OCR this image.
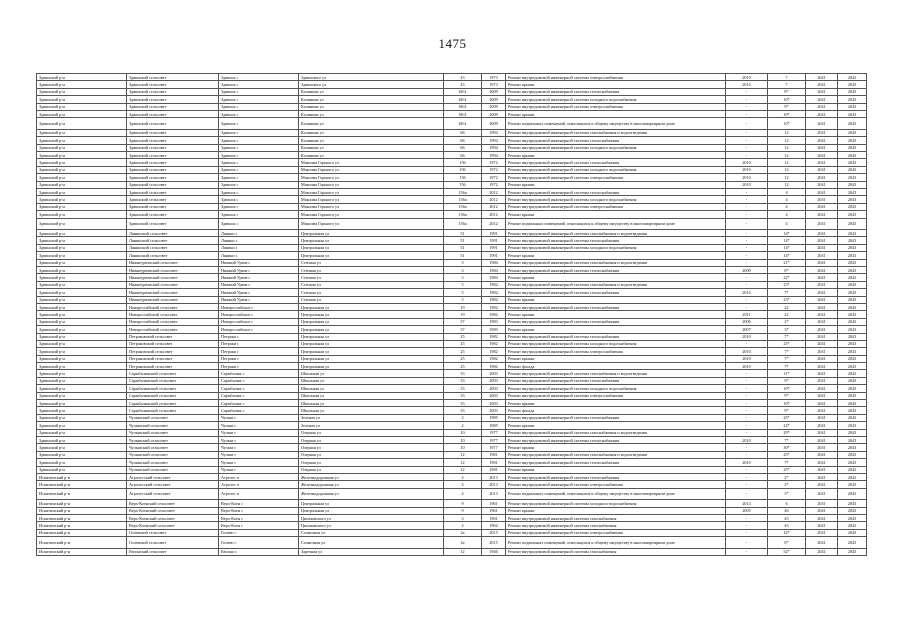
1475
Здвинский р-н	Здвинский сельсовет	Здвинск с	Здвинского ул	43	1973	Ремонт внутридомовой инженерной системы электроснабжения	2010	7	2041	2043
Здвинский р-н	Здвинский сельсовет	Здвинск с	Здвинского ул	43	1973	Ремонт крыши	2010	7	2041	2043
Здвинский р-н	Здвинский сельсовет	Здвинск с	Калинина ул	60/4	2009	Ремонт внутридомовой инженерной системы теплоснабжения	-	8*	2041	2043
Здвинский р-н	Здвинский сельсовет	Здвинск с	Калинина ул	60/4	2009	Ремонт внутридомовой инженерной системы холодного водоснабжения	-	10*	2041	2043
Здвинский р-н	Здвинский сельсовет	Здвинск с	Калинина ул	60/4	2009	Ремонт внутридомовой инженерной системы электроснабжения	-	9*	2041	2043
Здвинский р-н	Здвинский сельсовет	Здвинск с	Калинина ул	60/4	2009	Ремонт крыши	-	10*	2041	2043
Здвинский р-н	Здвинский сельсовет	Здвинск с	Калинина ул	60/4	2009	Ремонт подвальных помещений, относящихся к общему имуществу в многоквартирном доме	-	10*	2041	2043
Здвинский р-н	Здвинский сельсовет	Здвинск с	Калинина ул	66	1994	Ремонт внутридомовой инженерной системы газоснабжения и водоотведения	-	12	2041	2043
Здвинский р-н	Здвинский сельсовет	Здвинск с	Калинина ул	66	1994	Ремонт внутридомовой инженерной системы теплоснабжения	-	12	2041	2043
Здвинский р-н	Здвинский сельсовет	Здвинск с	Калинина ул	66	1994	Ремонт внутридомовой инженерной системы холодного водоснабжения	-	12	2041	2043
Здвинский р-н	Здвинский сельсовет	Здвинск с	Калинина ул	66	1994	Ремонт крыши	-	12	2041	2043
Здвинский р-н	Здвинский сельсовет	Здвинск с	Максима Горького ул	156	1972	Ремонт внутридомовой инженерной системы теплоснабжения	2010	12	2041	2043
Здвинский р-н	Здвинский сельсовет	Здвинск с	Максима Горького ул	156	1972	Ремонт внутридомовой инженерной системы холодного водоснабжения	2010	12	2041	2043
Здвинский р-н	Здвинский сельсовет	Здвинск с	Максима Горького ул	156	1972	Ремонт внутридомовой инженерной системы электроснабжения	2010	12	2041	2043
Здвинский р-н	Здвинский сельсовет	Здвинск с	Максима Горького ул	156	1972	Ремонт крыши	2010	12	2041	2043
Здвинский р-н	Здвинский сельсовет	Здвинск с	Максима Горького ул	156а	2012	Ремонт внутридомовой инженерной системы теплоснабжения	-	4	2041	2043
Здвинский р-н	Здвинский сельсовет	Здвинск с	Максима Горького ул	156а	2012	Ремонт внутридомовой инженерной системы холодного водоснабжения	-	4	2041	2043
Здвинский р-н	Здвинский сельсовет	Здвинск с	Максима Горького ул	156а	2012	Ремонт внутридомовой инженерной системы электроснабжения	-	4	2041	2043
Здвинский р-н	Здвинский сельсовет	Здвинск с	Максима Горького ул	156а	2012	Ремонт крыши	-	4	2041	2043
Здвинский р-н	Здвинский сельсовет	Здвинск с	Максима Горького ул	156а	2012	Ремонт подвальных помещений, относящихся к общему имуществу в многоквартирном доме	-	4	2041	2043
Здвинский р-н	Лянинский сельсовет	Лянино с	Центральная ул	51	1991	Ремонт внутридомовой инженерной системы газоснабжения и водоотведения	-	14*	2041	2043
Здвинский р-н	Лянинский сельсовет	Лянино с	Центральная ул	51	1991	Ремонт внутридомовой инженерной системы теплоснабжения	-	14*	2041	2043
Здвинский р-н	Лянинский сельсовет	Лянино с	Центральная ул	51	1991	Ремонт внутридомовой инженерной системы холодного водоснабжения	-	14*	2041	2043
Здвинский р-н	Лянинский сельсовет	Лянино с	Центральная ул	51	1991	Ремонт крыши	-	14*	2041	2043
Здвинский р-н	Нижнеурюмский сельсовет	Нижний Урюм с	Степная ул	3	1984	Ремонт внутридомовой инженерной системы газоснабжения и водоотведения	-	21*	2041	2043
Здвинский р-н	Нижнеурюмский сельсовет	Нижний Урюм с	Степная ул	3	1984	Ремонт внутридомовой инженерной системы теплоснабжения	2009	8*	2041	2043
Здвинский р-н	Нижнеурюмский сельсовет	Нижний Урюм с	Степная ул	3	1984	Ремонт крыши	-	22*	2041	2043
Здвинский р-н	Нижнеурюмский сельсовет	Нижний Урюм с	Степная ул	5	1982	Ремонт внутридомовой инженерной системы газоснабжения и водоотведения	-	23*	2041	2043
Здвинский р-н	Нижнеурюмский сельсовет	Нижний Урюм с	Степная ул	5	1982	Ремонт внутридомовой инженерной системы теплоснабжения	2010	7*	2041	2043
Здвинский р-н	Нижнеурюмский сельсовет	Нижний Урюм с	Степная ул	5	1982	Ремонт крыши	-	23*	2041	2043
Здвинский р-н	Новороссийский сельсовет	Новороссийское с	Центральная ул	19	1982	Ремонт внутридомовой инженерной системы теплоснабжения	-	22	2041	2043
Здвинский р-н	Новороссийский сельсовет	Новороссийское с	Центральная ул	19	1982	Ремонт крыши	2011	22	2041	2043
Здвинский р-н	Новороссийский сельсовет	Новороссийское с	Центральная ул	37	1983	Ремонт внутридомовой инженерной системы теплоснабжения	2006	2*	2041	2043
Здвинский р-н	Новороссийский сельсовет	Новороссийское с	Центральная ул	37	1983	Ремонт крыши	2007	3*	2041	2043
Здвинский р-н	Петраковский сельсовет	Петраки с	Центральная ул	25	1982	Ремонт внутридомовой инженерной системы теплоснабжения	2010	7*	2041	2043
Здвинский р-н	Петраковский сельсовет	Петраки с	Центральная ул	25	1982	Ремонт внутридомовой инженерной системы холодного водоснабжения	-	25*	2041	2043
Здвинский р-н	Петраковский сельсовет	Петраки с	Центральная ул	25	1982	Ремонт внутридомовой инженерной системы электроснабжения	2010	7*	2041	2043
Здвинский р-н	Петраковский сельсовет	Петраки с	Центральная ул	25	1982	Ремонт крыши	2010	7*	2041	2043
Здвинский р-н	Петраковский сельсовет	Петраки с	Центральная ул	25	1982	Ремонт фасада	2010	7*	2041	2043
Здвинский р-н	Сарыбалыкский сельсовет	Сарыбалык с	Школьная ул	33	2003	Ремонт внутридомовой инженерной системы газоснабжения и водоотведения	-	11*	2041	2043
Здвинский р-н	Сарыбалыкский сельсовет	Сарыбалык с	Школьная ул	33	2003	Ремонт внутридомовой инженерной системы теплоснабжения	-	9*	2041	2043
Здвинский р-н	Сарыбалыкский сельсовет	Сарыбалык с	Школьная ул	33	2003	Ремонт внутридомовой инженерной системы холодного водоснабжения	-	10*	2041	2043
Здвинский р-н	Сарыбалыкский сельсовет	Сарыбалык с	Школьная ул	33	2003	Ремонт внутридомовой инженерной системы электроснабжения	-	9*	2041	2043
Здвинский р-н	Сарыбалыкский сельсовет	Сарыбалык с	Школьная ул	33	2003	Ремонт крыши	-	10*	2041	2043
Здвинский р-н	Сарыбалыкский сельсовет	Сарыбалык с	Школьная ул	33	2003	Ремонт фасада	-	9*	2041	2043
Здвинский р-н	Чулымский сельсовет	Чулым с	Зеленая ул	2	1985	Ремонт внутридомовой инженерной системы теплоснабжения	-	25*	2041	2043
Здвинский р-н	Чулымский сельсовет	Чулым с	Зеленая ул	2	1985	Ремонт крыши	-	22*	2041	2043
Здвинский р-н	Чулымский сельсовет	Чулым с	Озерная ул	10	1977	Ремонт внутридомовой инженерной системы газоснабжения и водоотведения	-	29*	2041	2043
Здвинский р-н	Чулымский сельсовет	Чулым с	Озерная ул	10	1977	Ремонт внутридомовой инженерной системы теплоснабжения	2010	7*	2041	2043
Здвинский р-н	Чулымский сельсовет	Чулым с	Озерная ул	10	1977	Ремонт крыши	-	30*	2041	2043
Здвинский р-н	Чулымский сельсовет	Чулым с	Озерная ул	12	1981	Ремонт внутридомовой инженерной системы газоснабжения и водоотведения	-	25*	2041	2043
Здвинский р-н	Чулымский сельсовет	Чулым с	Озерная ул	12	1981	Ремонт внутридомовой инженерной системы теплоснабжения	2010	7*	2041	2043
Здвинский р-н	Чулымский сельсовет	Чулым с	Озерная ул	12	1981	Ремонт крыши	-	25*	2041	2043
Искитимский р-н	Агролесский сельсовет	Агролес п	Железнодорожная ул	4	2013	Ремонт внутридомовой инженерной системы теплоснабжения	-	2*	2041	2043
Искитимский р-н	Агролесский сельсовет	Агролес п	Железнодорожная ул	4	2013	Ремонт внутридомовой инженерной системы электроснабжения	-	2*	2041	2043
Искитимский р-н	Агролесский сельсовет	Агролес п	Железнодорожная ул	4	2013	Ремонт подвальных помещений, относящихся к общему имуществу в многоквартирном доме	-	3*	2041	2043
Искитимский р-н	Верх-Коенский сельсовет	Верх-Коен с	Центральная ул	9	1961	Ремонт внутридомовой инженерной системы холодного водоснабжения	2014	6	2041	2043
Искитимский р-н	Верх-Коенский сельсовет	Верх-Коен с	Центральная ул	9	1961	Ремонт крыши	2005	46	2041	2043
Искитимский р-н	Верх-Коенский сельсовет	Верх-Коен с	Циолковского ул	3	1961	Ремонт внутридомовой инженерной системы газоснабжения	-	45	2041	2043
Искитимский р-н	Верх-Коенский сельсовет	Верх-Коен с	Циолковского ул	4	1962	Ремонт внутридомовой инженерной системы газоснабжения	-	45	2041	2043
Искитимский р-н	Гилевский сельсовет	Гилево с	Солнечная ул	2а	2015	Ремонт внутридомовой инженерной системы электроснабжения	-	12*	2041	2043
Искитимский р-н	Гилевский сельсовет	Гилево с	Солнечная ул	2а	2015	Ремонт подвальных помещений, относящихся к общему имуществу в многоквартирном доме	-	8*	2041	2043
Искитимский р-н	Евсинский сельсовет	Евсино с	Заречная ул	12	1946	Ремонт внутридомовой инженерной системы газоснабжения	-	52*	2041	2043
